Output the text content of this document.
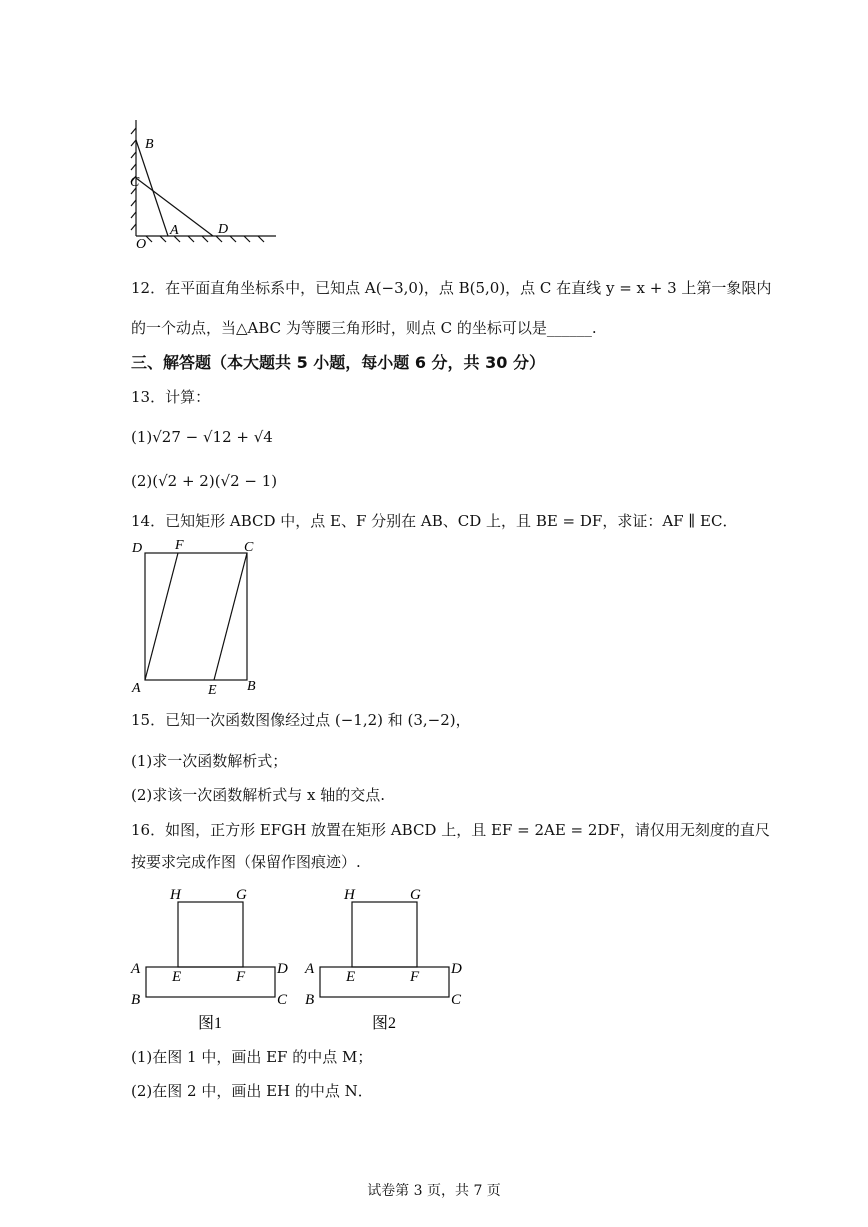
B
C
A	D
O
12．在平面直角坐标系中，已知点 A(−3,0)，点 B(5,0)，点 C 在直线 y = x + 3 上第一象限内
的一个动点，当△ABC 为等腰三角形时，则点 C 的坐标可以是______.
三、解答题（本大题共 5 小题，每小题 6 分，共 30 分）
13．计算：
(1)√27 − √12 + √4
(2)(√2 + 2)(√2 − 1)
14．已知矩形 ABCD 中，点 E、F 分别在 AB、CD 上，且 BE = DF，求证：AF ∥ EC．
D F	C
A	E B
15．已知一次函数图像经过点 (−1,2) 和 (3,−2)，
(1)求一次函数解析式；
(2)求该一次函数解析式与 x 轴的交点.
16．如图，正方形 EFGH 放置在矩形 ABCD 上，且 EF = 2AE = 2DF，请仅用无刻度的直尺
按要求完成作图（保留作图痕迹）.
H	G
A E	F D
B	C
图1
H	G
A E	F D
B	C
图2
(1)在图 1 中，画出 EF 的中点 M；
(2)在图 2 中，画出 EH 的中点 N．
试卷第 3 页，共 7 页
